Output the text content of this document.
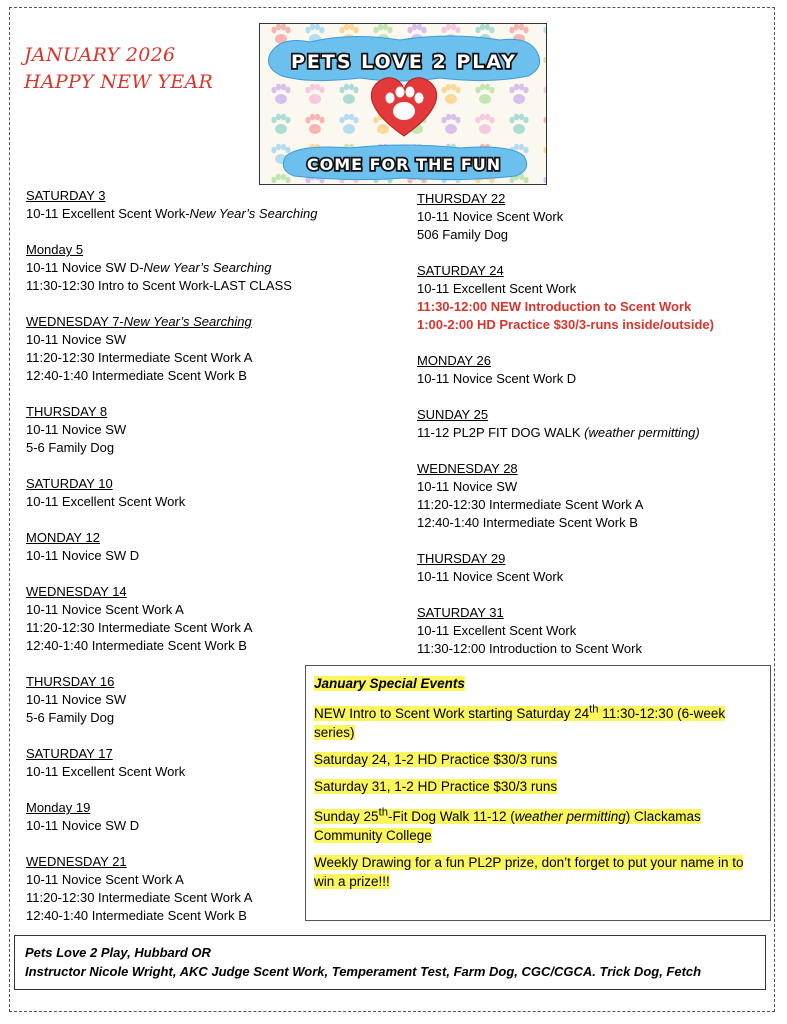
JANUARY 2026
HAPPY NEW YEAR
PETS LOVE 2 PLAY
COME FOR THE FUN
SATURDAY 3
10-11 Excellent Scent Work-New Year’s Searching
Monday 5
10-11 Novice SW D-New Year’s Searching
11:30-12:30 Intro to Scent Work-LAST CLASS
WEDNESDAY 7-New Year’s Searching
10-11 Novice SW
11:20-12:30 Intermediate Scent Work A
12:40-1:40 Intermediate Scent Work B
THURSDAY 8
10-11 Novice SW
5-6 Family Dog
SATURDAY 10
10-11 Excellent Scent Work
MONDAY 12
10-11 Novice SW D
WEDNESDAY 14
10-11 Novice Scent Work A
11:20-12:30 Intermediate Scent Work A
12:40-1:40 Intermediate Scent Work B
THURSDAY 16
10-11 Novice SW
5-6 Family Dog
SATURDAY 17
10-11 Excellent Scent Work
Monday 19
10-11 Novice SW D
WEDNESDAY 21
10-11 Novice Scent Work A
11:20-12:30 Intermediate Scent Work A
12:40-1:40 Intermediate Scent Work B
THURSDAY 22
10-11 Novice Scent Work
506 Family Dog
SATURDAY 24
10-11 Excellent Scent Work
11:30-12:00 NEW Introduction to Scent Work
1:00-2:00 HD Practice $30/3-runs inside/outside)
MONDAY 26
10-11 Novice Scent Work D
SUNDAY 25
11-12 PL2P FIT DOG WALK (weather permitting)
WEDNESDAY 28
10-11 Novice SW
11:20-12:30 Intermediate Scent Work A
12:40-1:40 Intermediate Scent Work B
THURSDAY 29
10-11 Novice Scent Work
SATURDAY 31
10-11 Excellent Scent Work
11:30-12:00 Introduction to Scent Work
January Special Events
NEW Intro to Scent Work starting Saturday 24th 11:30-12:30 (6-week series)
Saturday 24, 1-2 HD Practice $30/3 runs
Saturday 31, 1-2 HD Practice $30/3 runs
Sunday 25th-Fit Dog Walk 11-12 (weather permitting) Clackamas Community College
Weekly Drawing for a fun PL2P prize, don’t forget to put your name in to win a prize!!!
Pets Love 2 Play, Hubbard OR
Instructor Nicole Wright, AKC Judge Scent Work, Temperament Test, Farm Dog, CGC/CGCA. Trick Dog, Fetch
